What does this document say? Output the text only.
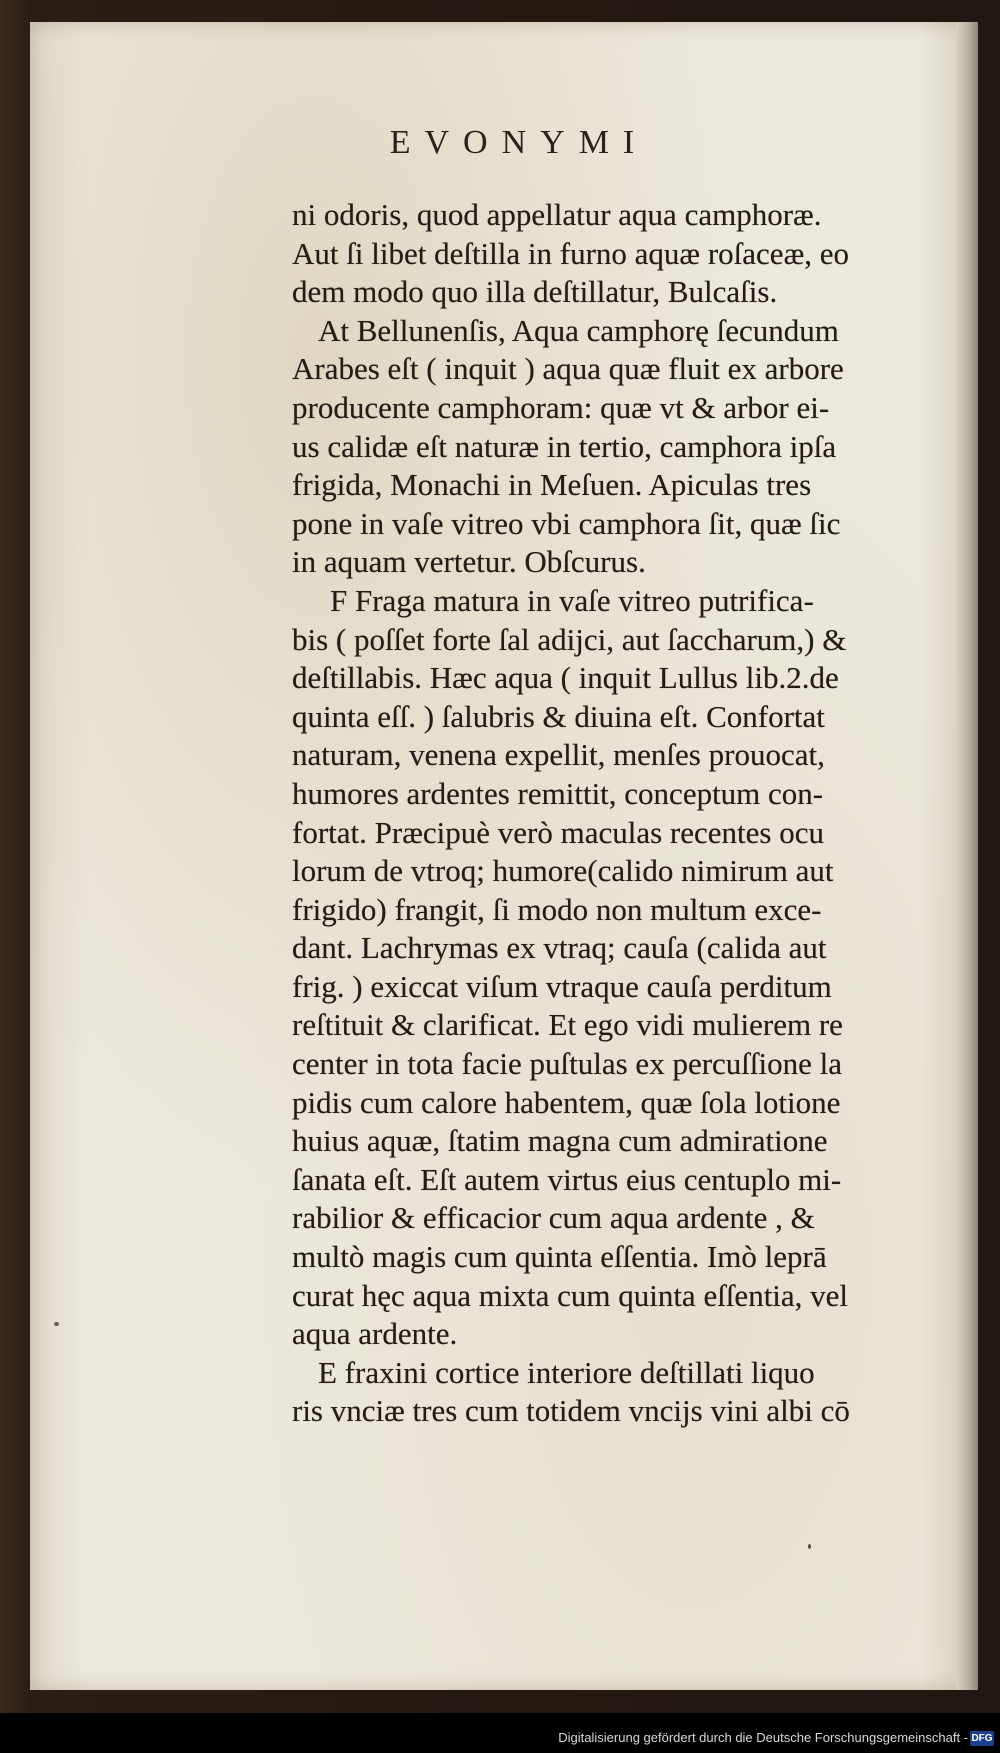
EVONYMI
ni odoris, quod appellatur aqua camphoræ.
Aut ſi libet deſtilla in furno aquæ roſaceæ, eo
dem modo quo illa deſtillatur, Bulcaſis.
At Bellunenſis, Aqua camphorę ſecundum
Arabes eſt ( inquit ) aqua quæ fluit ex arbore
producente camphoram: quæ vt & arbor ei-
us calidæ eſt naturæ in tertio, camphora ipſa
frigida, Monachi in Meſuen. Apiculas tres
pone in vaſe vitreo vbi camphora ſit, quæ ſic
in aquam vertetur. Obſcurus.
F Fraga matura in vaſe vitreo putrifica-
bis ( poſſet forte ſal adijci, aut ſaccharum,) &
deſtillabis. Hæc aqua ( inquit Lullus lib.2.de
quinta eſſ. ) ſalubris & diuina eſt. Confortat
naturam, venena expellit, menſes prouocat,
humores ardentes remittit, conceptum con-
fortat. Præcipuè verò maculas recentes ocu
lorum de vtroq; humore(calido nimirum aut
frigido) frangit, ſi modo non multum exce-
dant. Lachrymas ex vtraq; cauſa (calida aut
frig. ) exiccat viſum vtraque cauſa perditum
reſtituit & clarificat. Et ego vidi mulierem re
center in tota facie puſtulas ex percuſſione la
pidis cum calore habentem, quæ ſola lotione
huius aquæ, ſtatim magna cum admiratione
ſanata eſt. Eſt autem virtus eius centuplo mi-
rabilior & efficacior cum aqua ardente , &
multò magis cum quinta eſſentia. Imò leprā
curat hęc aqua mixta cum quinta eſſentia, vel
aqua ardente.
E fraxini cortice interiore deſtillati liquo
ris vnciæ tres cum totidem vncijs vini albi cō
Digitalisierung gefördert durch die Deutsche Forschungsgemeinschaft - DFG
